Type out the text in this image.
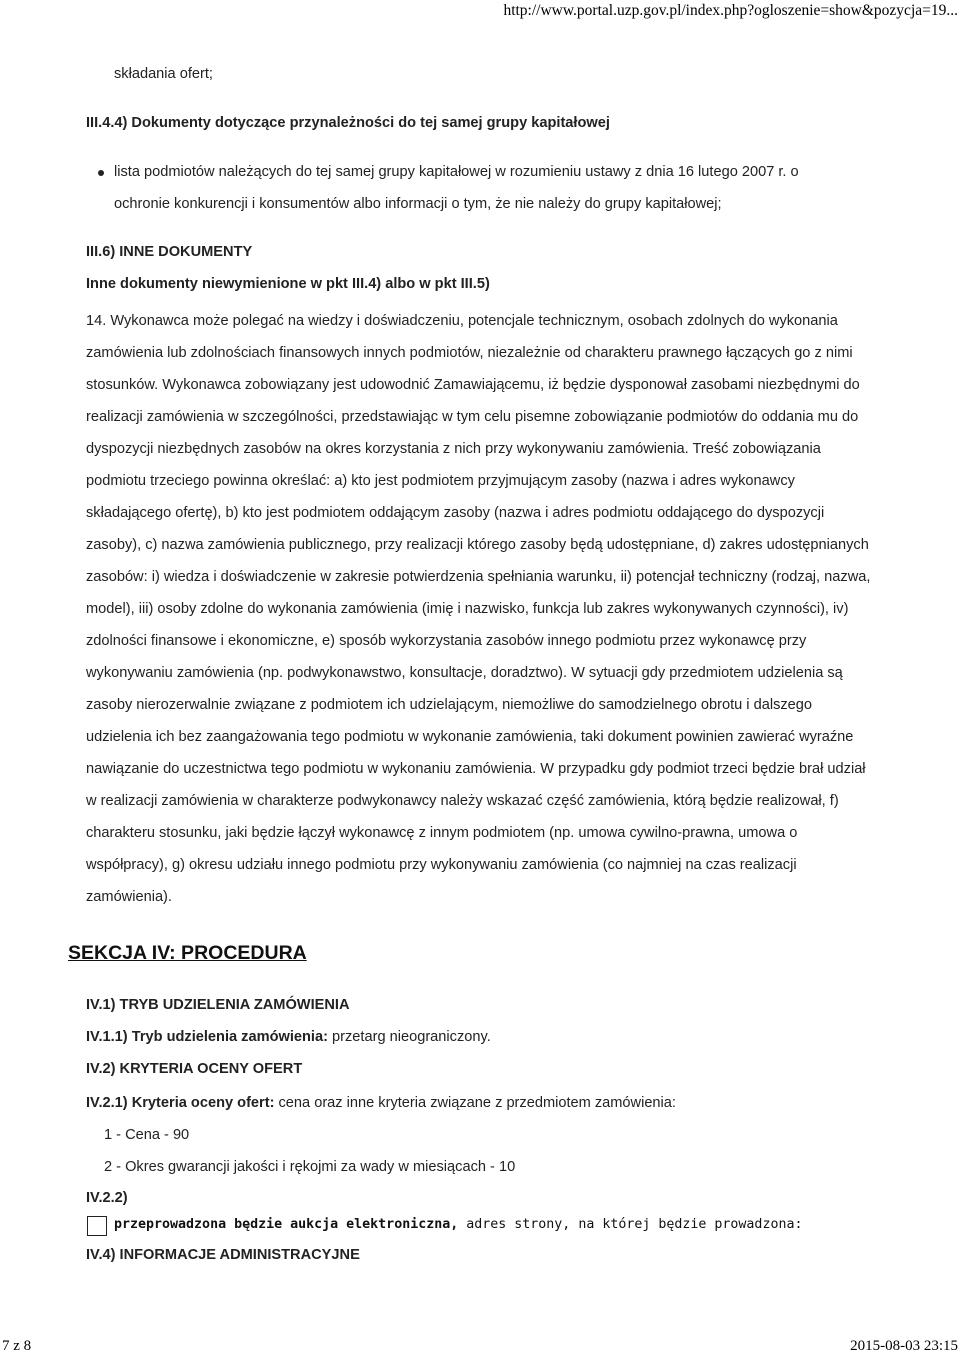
http://www.portal.uzp.gov.pl/index.php?ogloszenie=show&pozycja=19...
składania ofert;
III.4.4) Dokumenty dotyczące przynależności do tej samej grupy kapitałowej
lista podmiotów należących do tej samej grupy kapitałowej w rozumieniu ustawy z dnia 16 lutego 2007 r. o
ochronie konkurencji i konsumentów albo informacji o tym, że nie należy do grupy kapitałowej;
III.6) INNE DOKUMENTY
Inne dokumenty niewymienione w pkt III.4) albo w pkt III.5)

14. Wykonawca może polegać na wiedzy i doświadczeniu, potencjale technicznym, osobach zdolnych do wykonania zamówienia lub zdolnościach finansowych innych podmiotów, niezależnie od charakteru prawnego łączących go z nimi stosunków. Wykonawca zobowiązany jest udowodnić Zamawiającemu, iż będzie dysponował zasobami niezbędnymi do realizacji zamówienia w szczególności, przedstawiając w tym celu pisemne zobowiązanie podmiotów do oddania mu do dyspozycji niezbędnych zasobów na okres korzystania z nich przy wykonywaniu zamówienia. Treść zobowiązania podmiotu trzeciego powinna określać: a) kto jest podmiotem przyjmującym zasoby (nazwa i adres wykonawcy składającego ofertę), b) kto jest podmiotem oddającym zasoby (nazwa i adres podmiotu oddającego do dyspozycji zasoby), c) nazwa zamówienia publicznego, przy realizacji którego zasoby będą udostępniane, d) zakres udostępnianych zasobów: i) wiedza i doświadczenie w zakresie potwierdzenia spełniania warunku, ii) potencjał techniczny (rodzaj, nazwa, model), iii) osoby zdolne do wykonania zamówienia (imię i nazwisko, funkcja lub zakres wykonywanych czynności), iv) zdolności finansowe i ekonomiczne, e) sposób wykorzystania zasobów innego podmiotu przez wykonawcę przy wykonywaniu zamówienia (np. podwykonawstwo, konsultacje, doradztwo). W sytuacji gdy przedmiotem udzielenia są zasoby nierozerwalnie związane z podmiotem ich udzielającym, niemożliwe do samodzielnego obrotu i dalszego udzielenia ich bez zaangażowania tego podmiotu w wykonanie zamówienia, taki dokument powinien zawierać wyraźne nawiązanie do uczestnictwa tego podmiotu w wykonaniu zamówienia. W przypadku gdy podmiot trzeci będzie brał udział w realizacji zamówienia w charakterze podwykonawcy należy wskazać część zamówienia, którą będzie realizował, f) charakteru stosunku, jaki będzie łączył wykonawcę z innym podmiotem (np. umowa cywilno-prawna, umowa o współpracy), g) okresu udziału innego podmiotu przy wykonywaniu zamówienia (co najmniej na czas realizacji zamówienia).

SEKCJA IV: PROCEDURA
IV.1) TRYB UDZIELENIA ZAMÓWIENIA
IV.1.1) Tryb udzielenia zamówienia: przetarg nieograniczony.
IV.2) KRYTERIA OCENY OFERT
IV.2.1) Kryteria oceny ofert: cena oraz inne kryteria związane z przedmiotem zamówienia:
1 - Cena - 90
2 - Okres gwarancji jakości i rękojmi za wady w miesiącach - 10
IV.2.2)
przeprowadzona będzie aukcja elektroniczna, adres strony, na której będzie prowadzona:
IV.4) INFORMACJE ADMINISTRACYJNE
7 z 8	2015-08-03 23:15
